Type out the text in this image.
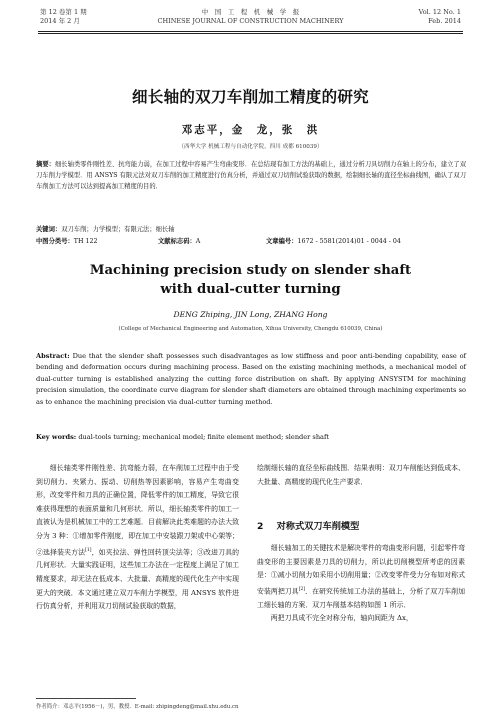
第 12 卷第 1 期
2014 年 2 月
中　国　工　程　机　械　学　报
CHINESE JOURNAL OF CONSTRUCTION MACHINERY
Vol. 12 No. 1
Feb. 2014
细长轴的双刀车削加工精度的研究
邓志平，金　龙，张　洪
（西华大学 机械工程与自动化学院，四川 成都 610039）
摘要：细长轴类零件刚性差、抗弯能力弱，在加工过程中容易产生弯曲变形．在总结现有加工方法的基础上，通过分析刀具切削力在轴上的分布，建立了双刀车削力学模型．用 ANSYS 有限元法对双刀车削的加工精度进行仿真分析，并通过双刀切削试验获取的数据，绘制细长轴的直径坐标曲线图，确认了双刀车削加工方法可以达到提高加工精度的目的．
关键词：双刀车削；力学模型；有限元法；细长轴
中图分类号：TH 122	文献标志码：A	文章编号：1672 - 5581(2014)01 - 0044 - 04
Machining precision study on slender shaft
with dual-cutter turning
DENG Zhiping, JIN Long, ZHANG Hong
(College of Mechanical Engineering and Automation, Xihua University, Chengdu 610039, China)
Abstract: Due that the slender shaft possesses such disadvantages as low stiffness and poor anti-bending capability, ease of bending and deformation occurs during machining process. Based on the existing machining methods, a mechanical model of dual-cutter turning is established analyzing the cutting force distribution on shaft. By applying ANSYSTM for machining precision simulation, the coordinate curve diagram for slender shaft diameters are obtained through machining experiments so as to enhance the machining precision via dual-cutter turning method.
Key words: dual-tools turning; mechanical model; finite element method; slender shaft

细长轴类零件刚性差、抗弯能力弱，在车削加工过程中由于受到切削力、夹紧力、振动、切削热等因素影响，容易产生弯曲变形，改变零件和刀具的正确位置，降低零件的加工精度，导致它很难获得理想的表面质量和几何形状．所以，细长轴类零件的加工一直被认为是机械加工中的工艺难题．目前解决此类难题的办法大致分为 3 种：①增加零件刚度，即在加工中安装跟刀架或中心架等；②选择装夹方法[1]，如夹拉法、弹性回转顶尖法等；③改进刀具的几何形状．大量实践证明，这些加工办法在一定程度上满足了加工精度要求，却无法在低成本、大批量、高精度的现代化生产中实现更大的突破．本文通过建立双刀车削力学模型，用 ANSYS 软件进行仿真分析，并利用双刀切削试验获取的数据，

绘制细长轴的直径坐标曲线图．结果表明：双刀车削能达到低成本、大批量、高精度的现代化生产要求．

2 对称式双刀车削模型

细长轴加工的关键技术是解决零件的弯曲变形问题，引起零件弯曲变形的主要因素是刀具的切削力，所以此切削模型所考虑的因素是：①减小切削力如采用小切削用量；②改变零件受力分布如对称式安装两把刀具[2]．在研究传统加工办法的基础上，分析了双刀车削加工细长轴的方案．双刀车削基本结构如图 1 所示．

两把刀具成不完全对称分布，轴向间距为 Δx，

作者简介：邓志平(1956－)，男，教授．E-mail: zhipingdeng@mail.xhu.edu.cn
